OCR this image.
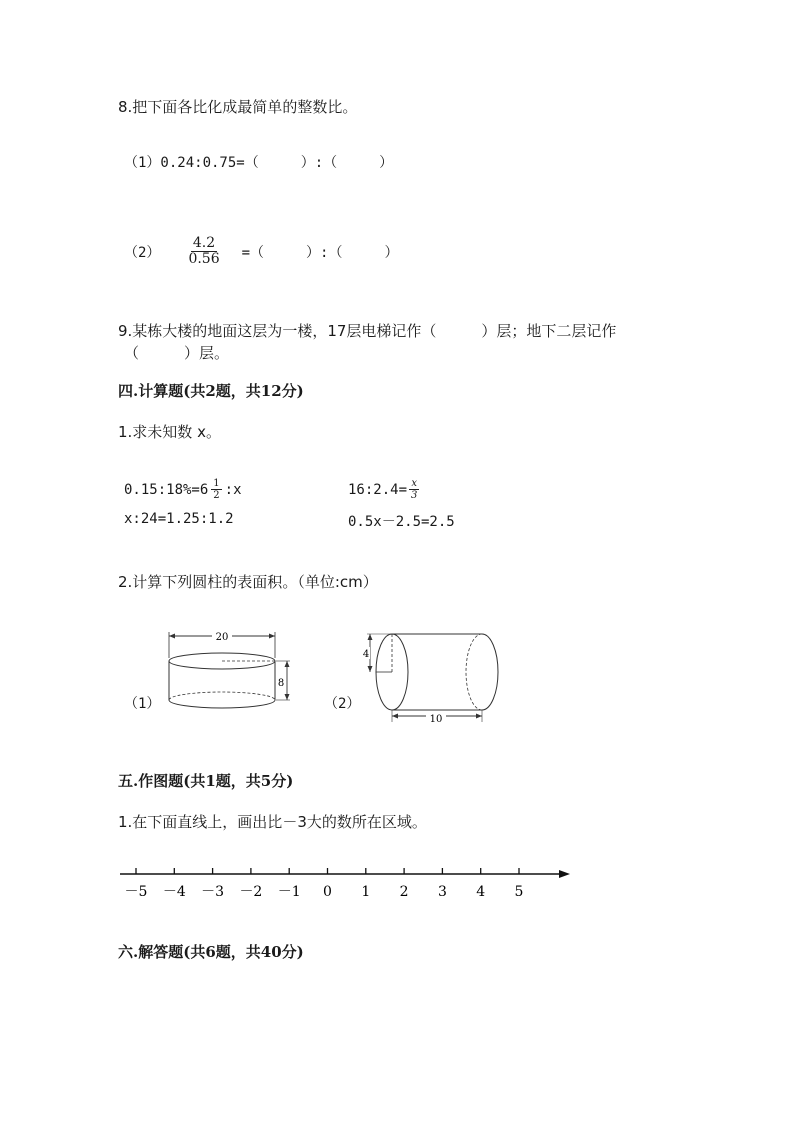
8.把下面各比化成最简单的整数比。
（1）0.24:0.75=（　　　）:（　　　）
$(2) \frac{4.2}{0.56}$ =（　　　）:（　　　）
9.某栋大楼的地面这层为一楼，17层电梯记作（　　　）层；地下二层记作
（　　　）层。
四.计算题(共2题，共12分)
1.求未知数 x。
0.15:18%=6 $\frac{1}{2}$ :x	16:2.4= $\frac{x}{3}$
x:24=1.25:1.2	0.5x－2.5=2.5
2.计算下列圆柱的表面积。（单位:cm）
（1）
20
8
（2）
4
10
五.作图题(共1题，共5分)
1.在下面直线上，画出比－3大的数所在区域。
－5 －4 －3 －2 －1 0 1 2 3 4 5
六.解答题(共6题，共40分)
